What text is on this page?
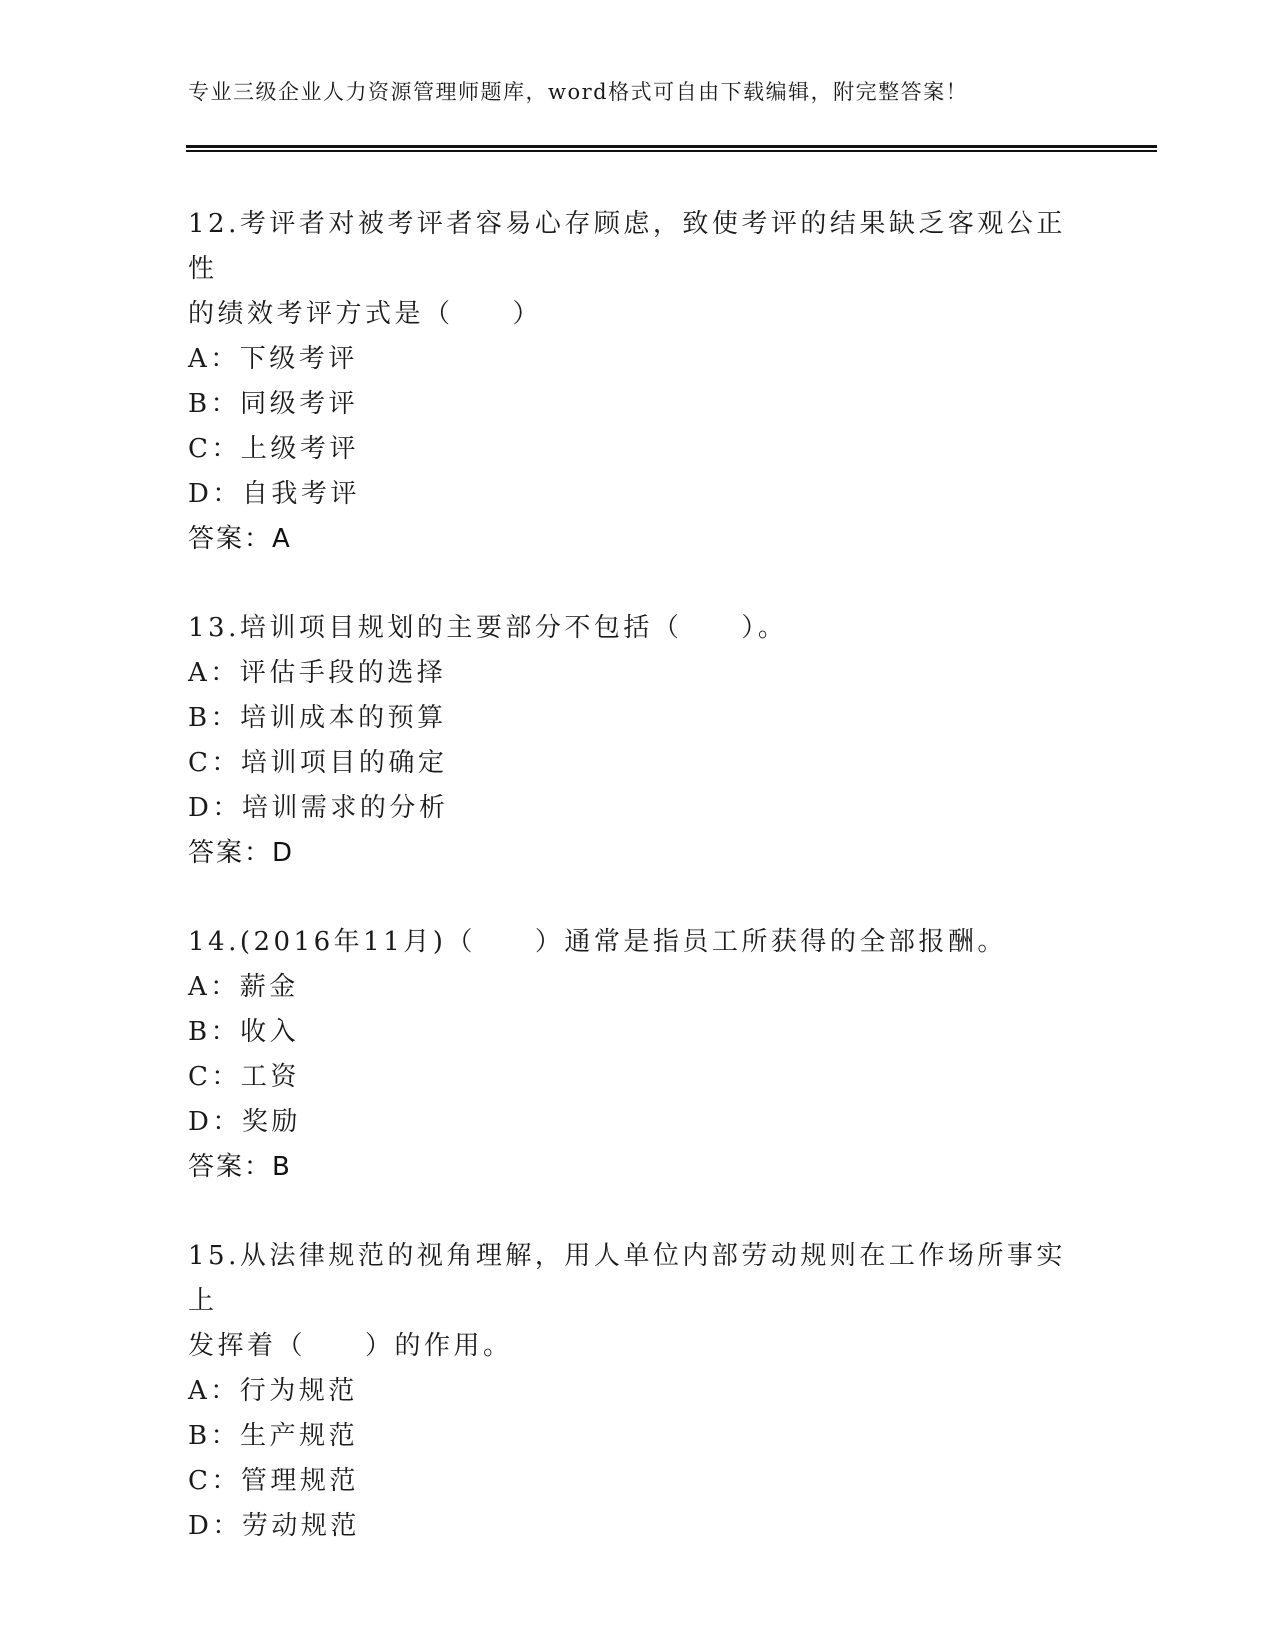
专业三级企业人力资源管理师题库，word格式可自由下载编辑，附完整答案！

12.考评者对被考评者容易心存顾虑，致使考评的结果缺乏客观公正性

的绩效考评方式是（　　）

A：下级考评

B：同级考评

C：上级考评

D：自我考评

答案：A

13.培训项目规划的主要部分不包括（　　）。

A：评估手段的选择

B：培训成本的预算

C：培训项目的确定

D：培训需求的分析

答案：D

14.(2016年11月)（　　）通常是指员工所获得的全部报酬。

A：薪金

B：收入

C：工资

D：奖励

答案：B

15.从法律规范的视角理解，用人单位内部劳动规则在工作场所事实上

发挥着（　　）的作用。

A：行为规范

B：生产规范

C：管理规范

D：劳动规范
